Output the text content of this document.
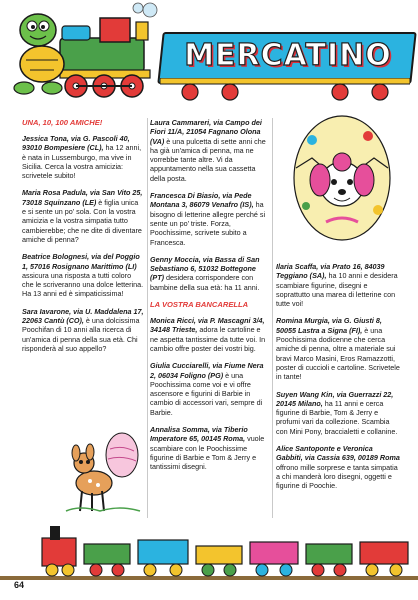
MERCATINO
UNA, 10, 100 AMICHE!
Jessica Tona, via G. Pascoli 40, 93010 Bompesiere (CL), ha 12 anni, è nata in Lussemburgo, ma vive in Sicilia. Cerca la vostra amicizia: scrivetele subito!
Maria Rosa Padula, via San Vito 25, 73018 Squinzano (LE) è figlia unica e si sente un po' sola. Con la vostra amicizia e la vostra simpatia tutto cambierebbe; che ne dite di diventare amiche di penna?
Beatrice Bolognesi, via del Poggio 1, 57016 Rosignano Marittimo (LI) assicura una risposta a tutti coloro che le scriveranno una dolce letterina. Ha 13 anni ed è simpaticissima!
Sara Iavarone, via U. Maddalena 17, 22063 Cantù (CO), è una dolcissima Poochifan di 10 anni alla ricerca di un'amica di penna della sua età. Chi risponderà al suo appello?
Laura Cammareri, via Campo dei Fiori 11/A, 21054 Fagnano Olona (VA) è una pulcetta di sette anni che ha già un'amica di penna, ma ne vorrebbe tante altre. Vi da appuntamento nella sua cassetta della posta.
Francesca Di Biasio, via Pede Montana 3, 86079 Venafro (IS), ha bisogno di letterine allegre perché si sente un po' triste. Forza, Poochissime, scrivete subito a Francesca.
Genny Moccia, via Bassa di San Sebastiano 6, 51032 Bottegone (PT) desidera corrispondere con bambine della sua età: ha 11 anni.
LA VOSTRA BANCARELLA
Monica Ricci, via P. Mascagni 3/4, 34148 Trieste, adora le cartoline e ne aspetta tantissime da tutte voi. In cambio offre poster dei vostri big.
Giulia Cucciarelli, via Fiume Nera 2, 06034 Foligno (PG) è una Poochissima come voi e vi offre ascensore e figurini di Barbie in cambio di accessori vari, sempre di Barbie.
Annalisa Somma, via Tiberio Imperatore 65, 00145 Roma, vuole scambiare con le Poochissime figurine di Barbie e Tom & Jerry e tantissimi disegni.
Ilaria Scaffa, via Prato 16, 84039 Teggiano (SA), ha 10 anni e desidera scambiare figurine, disegni e soprattutto una marea di letterine con tutte voi!
Romina Murgia, via G. Giusti 8, 50055 Lastra a Signa (FI), è una Poochissima dodicenne che cerca amiche di penna, oltre a materiale sui bravi Marco Masini, Eros Ramazzotti, poster di cuccioli e cartoline. Scrivetele in tante!
Suyen Wang Kin, via Guerrazzi 22, 20145 Milano, ha 11 anni e cerca figurine di Barbie, Tom & Jerry e profumi vari da collezione. Scambia con Mini Pony, braccialetti e collanine.
Alice Santoponte e Veronica Gabbiti, via Cassia 639, 00189 Roma offrono mille sorprese e tanta simpatia a chi manderà loro disegni, oggetti e figurine di Poochie.
64
